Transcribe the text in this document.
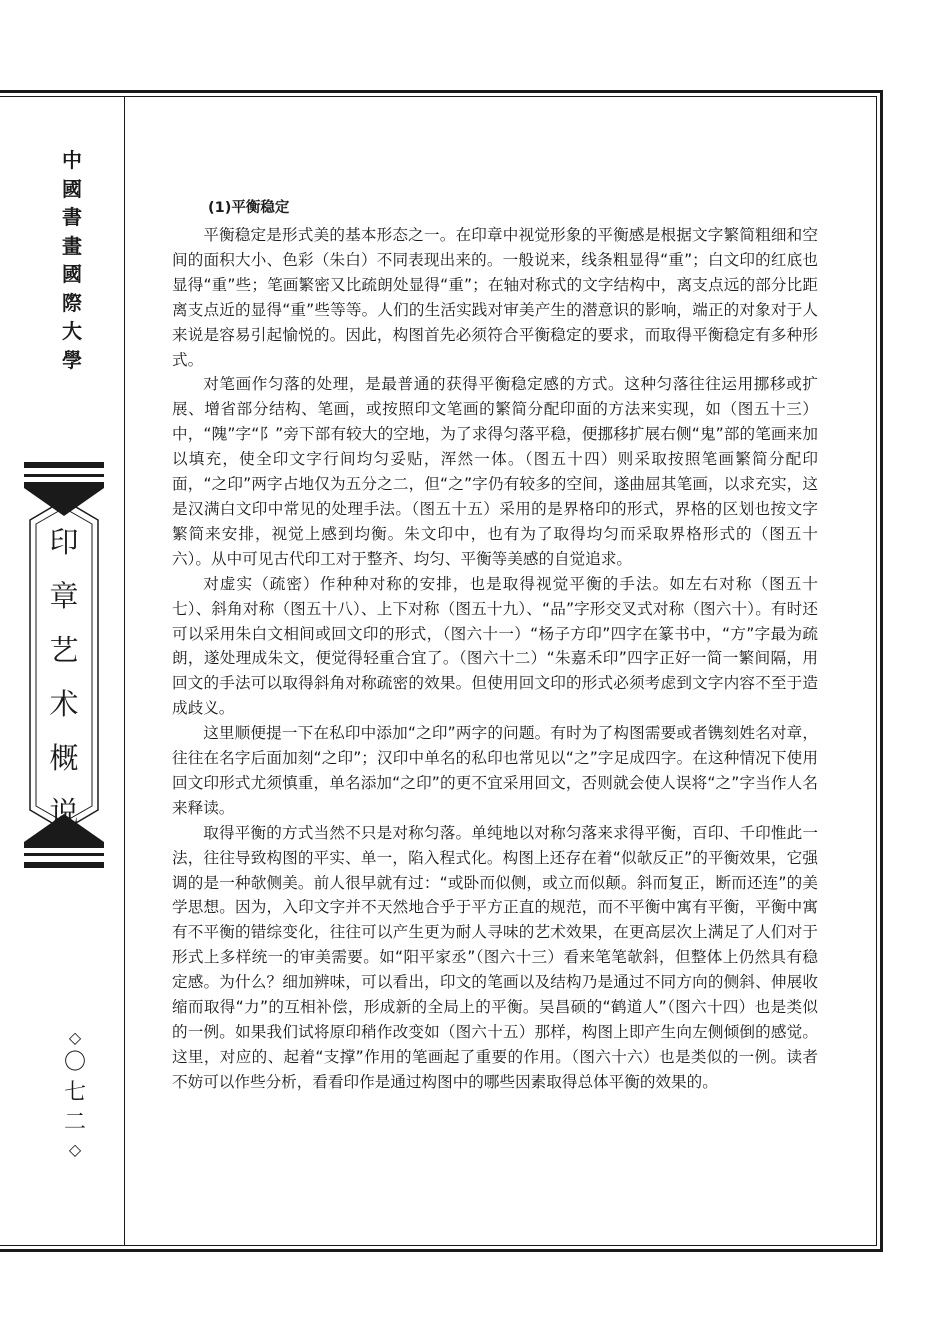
中
國
書
畫
國
際
大
學
印
章
艺
术
概
说
◇
〇
七
二
◇
(1)平衡稳定

平衡稳定是形式美的基本形态之一。在印章中视觉形象的平衡感是根据文字繁简粗细和空间的面积大小、色彩（朱白）不同表现出来的。一般说来，线条粗显得“重”；白文印的红底也显得“重”些；笔画繁密又比疏朗处显得“重”；在轴对称式的文字结构中，离支点远的部分比距离支点近的显得“重”些等等。人们的生活实践对审美产生的潜意识的影响，端正的对象对于人来说是容易引起愉悦的。因此，构图首先必须符合平衡稳定的要求，而取得平衡稳定有多种形式。

对笔画作匀落的处理，是最普通的获得平衡稳定感的方式。这种匀落往往运用挪移或扩展、增省部分结构、笔画，或按照印文笔画的繁简分配印面的方法来实现，如（图五十三）中，“隗”字“阝”旁下部有较大的空地，为了求得匀落平稳，便挪移扩展右侧“鬼”部的笔画来加以填充，使全印文字行间均匀妥贴，浑然一体。（图五十四）则采取按照笔画繁简分配印面，“之印”两字占地仅为五分之二，但“之”字仍有较多的空间，遂曲屈其笔画，以求充实，这是汉满白文印中常见的处理手法。（图五十五）采用的是界格印的形式，界格的区划也按文字繁简来安排，视觉上感到均衡。朱文印中，也有为了取得均匀而采取界格形式的（图五十六）。从中可见古代印工对于整齐、均匀、平衡等美感的自觉追求。

对虚实（疏密）作种种对称的安排，也是取得视觉平衡的手法。如左右对称（图五十七）、斜角对称（图五十八）、上下对称（图五十九）、“品”字形交叉式对称（图六十）。有时还可以采用朱白文相间或回文印的形式，（图六十一）“杨子方印”四字在篆书中，“方”字最为疏朗，遂处理成朱文，便觉得轻重合宜了。（图六十二）“朱嘉禾印”四字正好一简一繁间隔，用回文的手法可以取得斜角对称疏密的效果。但使用回文印的形式必须考虑到文字内容不至于造成歧义。

这里顺便提一下在私印中添加“之印”两字的问题。有时为了构图需要或者镌刻姓名对章，往往在名字后面加刻“之印”；汉印中单名的私印也常见以“之”字足成四字。在这种情况下使用回文印形式尤须慎重，单名添加“之印”的更不宜采用回文，否则就会使人误将“之”字当作人名来释读。

取得平衡的方式当然不只是对称匀落。单纯地以对称匀落来求得平衡，百印、千印惟此一法，往往导致构图的平实、单一，陷入程式化。构图上还存在着“似欹反正”的平衡效果，它强调的是一种欹侧美。前人很早就有过：“或卧而似侧，或立而似颠。斜而复正，断而还连”的美学思想。因为，入印文字并不天然地合乎于平方正直的规范，而不平衡中寓有平衡，平衡中寓有不平衡的错综变化，往往可以产生更为耐人寻味的艺术效果，在更高层次上满足了人们对于形式上多样统一的审美需要。如“阳平家丞”（图六十三）看来笔笔欹斜，但整体上仍然具有稳定感。为什么？细加辨味，可以看出，印文的笔画以及结构乃是通过不同方向的侧斜、伸展收缩而取得“力”的互相补偿，形成新的全局上的平衡。吴昌硕的“鹤道人”（图六十四）也是类似的一例。如果我们试将原印稍作改变如（图六十五）那样，构图上即产生向左侧倾倒的感觉。这里，对应的、起着“支撑”作用的笔画起了重要的作用。（图六十六）也是类似的一例。读者不妨可以作些分析，看看印作是通过构图中的哪些因素取得总体平衡的效果的。
